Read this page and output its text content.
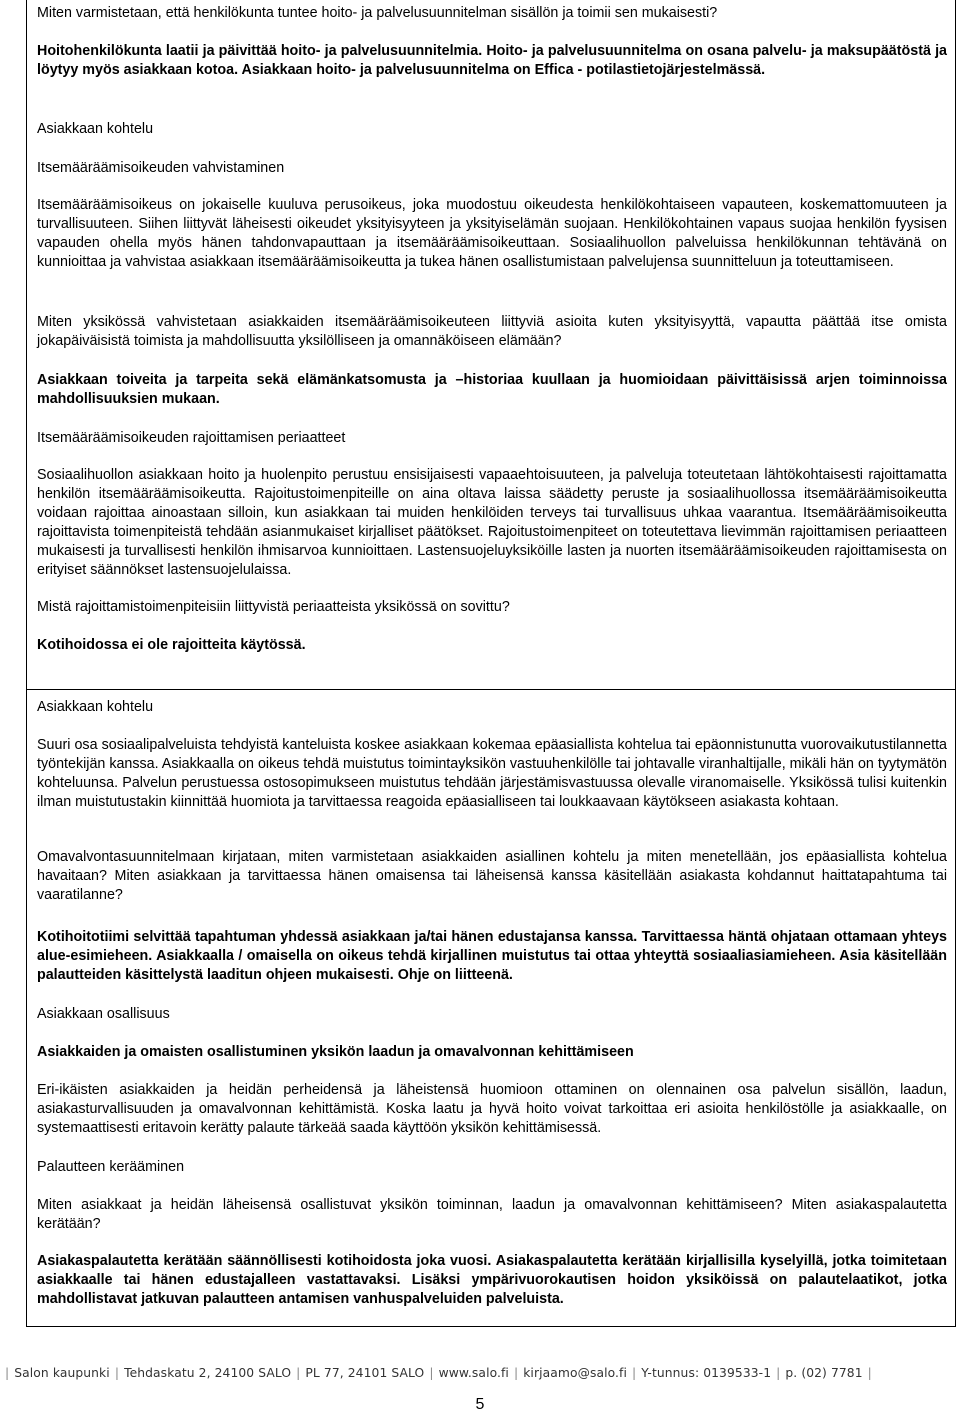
Miten varmistetaan, että henkilökunta tuntee hoito- ja palvelusuunnitelman sisällön ja toimii sen mukaisesti?

Hoitohenkilökunta laatii ja päivittää hoito- ja palvelusuunnitelmia. Hoito- ja palvelusuunnitelma on osana palvelu- ja maksupäätöstä ja löytyy myös asiakkaan kotoa. Asiakkaan hoito- ja palvelusuunnitelma on Effica - potilastietojärjestelmässä.

Asiakkaan kohtelu

Itsemääräämisoikeuden vahvistaminen

Itsemääräämisoikeus on jokaiselle kuuluva perusoikeus, joka muodostuu oikeudesta henkilökohtaiseen vapauteen, koskemattomuuteen ja turvallisuuteen. Siihen liittyvät läheisesti oikeudet yksityisyyteen ja yksityiselämän suojaan. Henkilökohtainen vapaus suojaa henkilön fyysisen vapauden ohella myös hänen tahdonvapauttaan ja itsemääräämisoikeuttaan. Sosiaalihuollon palveluissa henkilökunnan tehtävänä on kunnioittaa ja vahvistaa asiakkaan itsemääräämisoikeutta ja tukea hänen osallistumistaan palvelujensa suunnitteluun ja toteuttamiseen.

Miten yksikössä vahvistetaan asiakkaiden itsemääräämisoikeuteen liittyviä asioita kuten yksityisyyttä, vapautta päättää itse omista jokapäiväisistä toimista ja mahdollisuutta yksilölliseen ja omannäköiseen elämään?

Asiakkaan toiveita ja tarpeita sekä elämänkatsomusta ja –historiaa kuullaan ja huomioidaan päivittäisissä arjen toiminnoissa mahdollisuuksien mukaan.

Itsemääräämisoikeuden rajoittamisen periaatteet

Sosiaalihuollon asiakkaan hoito ja huolenpito perustuu ensisijaisesti vapaaehtoisuuteen, ja palveluja toteutetaan lähtökohtaisesti rajoittamatta henkilön itsemääräämisoikeutta. Rajoitustoimenpiteille on aina oltava laissa säädetty peruste ja sosiaalihuollossa itsemääräämisoikeutta voidaan rajoittaa ainoastaan silloin, kun asiakkaan tai muiden henkilöiden terveys tai turvallisuus uhkaa vaarantua. Itsemääräämisoikeutta rajoittavista toimenpiteistä tehdään asianmukaiset kirjalliset päätökset. Rajoitustoimenpiteet on toteutettava lievimmän rajoittamisen periaatteen mukaisesti ja turvallisesti henkilön ihmisarvoa kunnioittaen. Lastensuojeluyksiköille lasten ja nuorten itsemääräämisoikeuden rajoittamisesta on erityiset säännökset lastensuojelulaissa.

Mistä rajoittamistoimenpiteisiin liittyvistä periaatteista yksikössä on sovittu?

Kotihoidossa ei ole rajoitteita käytössä.

Asiakkaan kohtelu

Suuri osa sosiaalipalveluista tehdyistä kanteluista koskee asiakkaan kokemaa epäasiallista kohtelua tai epäonnistunutta vuorovaikutustilannetta työntekijän kanssa. Asiakkaalla on oikeus tehdä muistutus toimintayksikön vastuuhenkilölle tai johtavalle viranhaltijalle, mikäli hän on tyytymätön kohteluunsa. Palvelun perustuessa ostosopimukseen muistutus tehdään järjestämisvastuussa olevalle viranomaiselle. Yksikössä tulisi kuitenkin ilman muistutustakin kiinnittää huomiota ja tarvittaessa reagoida epäasialliseen tai loukkaavaan käytökseen asiakasta kohtaan.

Omavalvontasuunnitelmaan kirjataan, miten varmistetaan asiakkaiden asiallinen kohtelu ja miten menetellään, jos epäasiallista kohtelua havaitaan? Miten asiakkaan ja tarvittaessa hänen omaisensa tai läheisensä kanssa käsitellään asiakasta kohdannut haittatapahtuma tai vaaratilanne?

Kotihoitotiimi selvittää tapahtuman yhdessä asiakkaan ja/tai hänen edustajansa kanssa. Tarvittaessa häntä ohjataan ottamaan yhteys alue-esimieheen. Asiakkaalla / omaisella on oikeus tehdä kirjallinen muistutus tai ottaa yhteyttä sosiaaliasiamieheen. Asia käsitellään palautteiden käsittelystä laaditun ohjeen mukaisesti. Ohje on liitteenä.

Asiakkaan osallisuus

Asiakkaiden ja omaisten osallistuminen yksikön laadun ja omavalvonnan kehittämiseen

Eri-ikäisten asiakkaiden ja heidän perheidensä ja läheistensä huomioon ottaminen on olennainen osa palvelun sisällön, laadun, asiakasturvallisuuden ja omavalvonnan kehittämistä. Koska laatu ja hyvä hoito voivat tarkoittaa eri asioita henkilöstölle ja asiakkaalle, on systemaattisesti eritavoin kerätty palaute tärkeää saada käyttöön yksikön kehittämisessä.

Palautteen kerääminen

Miten asiakkaat ja heidän läheisensä osallistuvat yksikön toiminnan, laadun ja omavalvonnan kehittämiseen? Miten asiakaspalautetta kerätään?

Asiakaspalautetta kerätään säännöllisesti kotihoidosta joka vuosi. Asiakaspalautetta kerätään kirjallisilla kyselyillä, jotka toimitetaan asiakkaalle tai hänen edustajalleen vastattavaksi. Lisäksi ympärivuorokautisen hoidon yksiköissä on palautelaatikot, jotka mahdollistavat jatkuvan palautteen antamisen vanhuspalveluiden palveluista.

| Salon kaupunki | Tehdaskatu 2, 24100 SALO | PL 77, 24101 SALO | www.salo.fi | kirjaamo@salo.fi | Y-tunnus: 0139533-1 | p. (02) 7781 |
5
